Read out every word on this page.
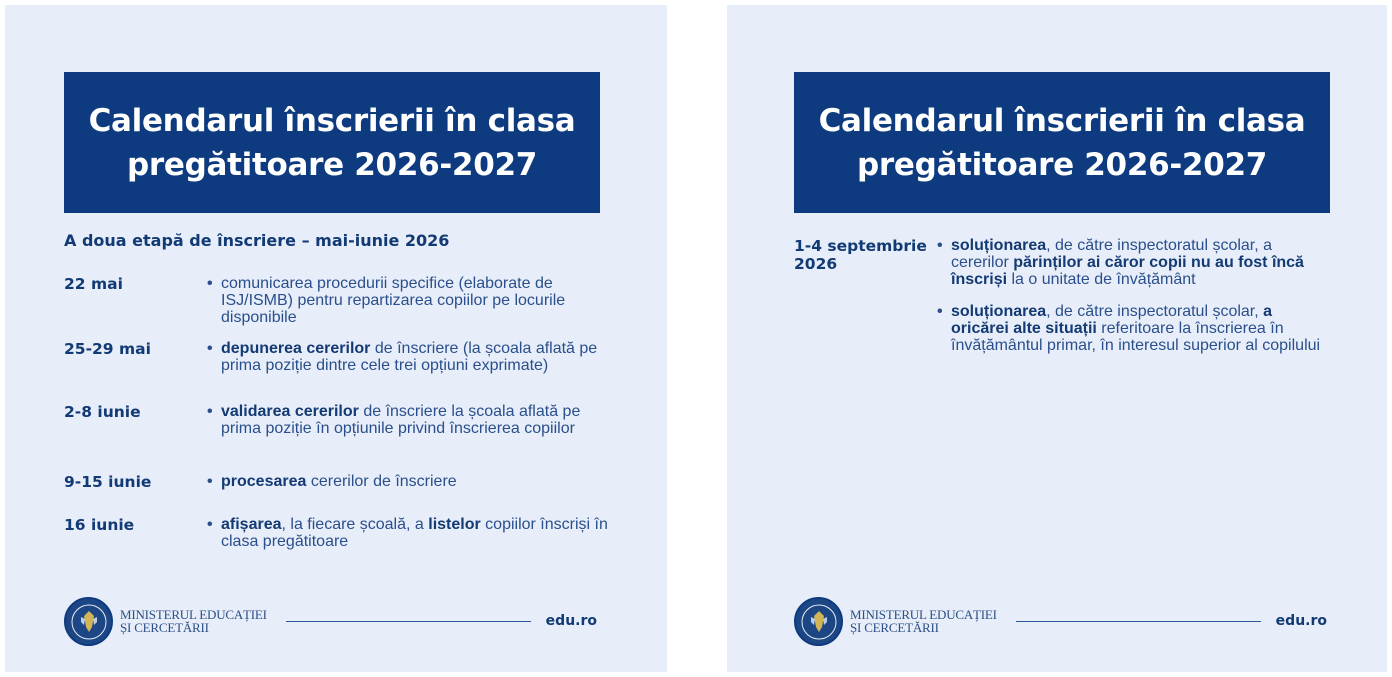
Calendarul înscrierii în clasa
pregătitoare 2026-2027
A doua etapă de înscriere – mai-iunie 2026
22 mai	• comunicarea procedurii specifice (elaborate de ISJ/ISMB) pentru repartizarea copiilor pe locurile disponibile
25-29 mai	• depunerea cererilor de înscriere (la școala aflată pe prima poziție dintre cele trei opțiuni exprimate)
2-8 iunie	• validarea cererilor de înscriere la școala aflată pe prima poziție în opțiunile privind înscrierea copiilor
9-15 iunie	• procesarea cererilor de înscriere
16 iunie	• afișarea, la fiecare școală, a listelor copiilor înscriși în clasa pregătitoare
MINISTERUL EDUCAȚIEI
ȘI CERCETĂRII	edu.ro
Calendarul înscrierii în clasa
pregătitoare 2026-2027
1-4 septembrie 2026
• soluționarea, de către inspectoratul școlar, a cererilor părinților ai căror copii nu au fost încă înscriși la o unitate de învățământ
• soluționarea, de către inspectoratul școlar, a oricărei alte situații referitoare la înscrierea în învățământul primar, în interesul superior al copilului
MINISTERUL EDUCAȚIEI
ȘI CERCETĂRII	edu.ro
